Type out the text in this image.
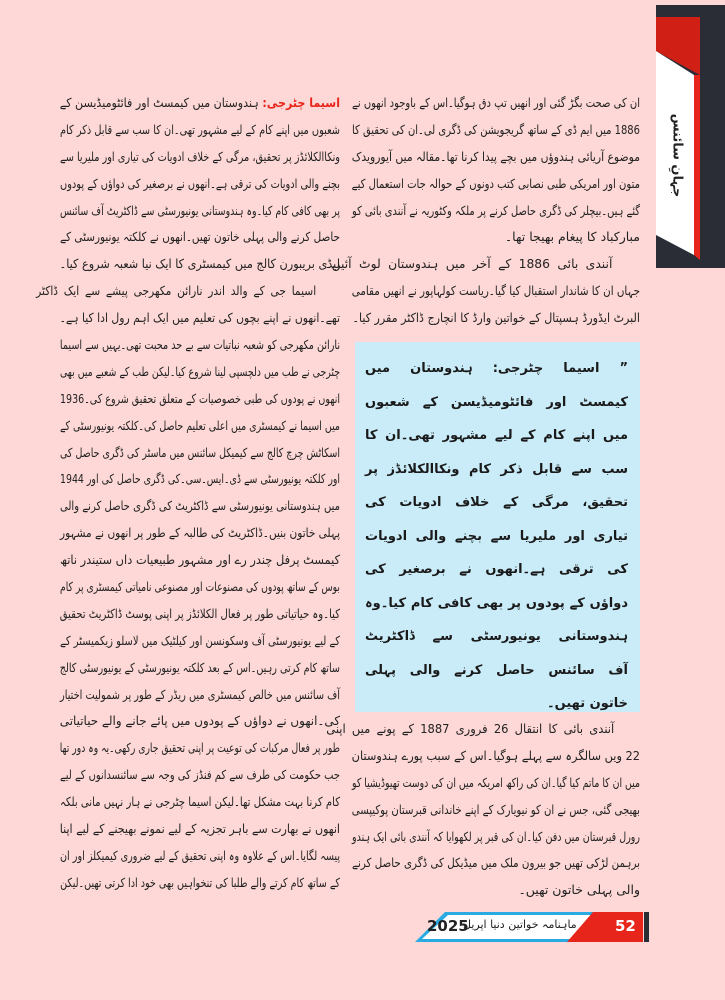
جہانِ سائنس
اسیما چٹرجی: ہندوستان میں کیمسٹ اور فائٹومیڈیسن کے
شعبوں میں اپنے کام کے لیے مشہور تھی۔ان کا سب سے قابل ذکر کام
ونکاالکلائڈز پر تحقیق، مرگی کے خلاف ادویات کی تیاری اور ملیریا سے
بچنے والی ادویات کی ترقی ہے۔انھوں نے برصغیر کی دواؤں کے پودوں
پر بھی کافی کام کیا۔وہ ہندوستانی یونیورسٹی سے ڈاکٹریٹ آف سائنس
حاصل کرنے والی پہلی خاتون تھیں۔انھوں نے کلکتہ یونیورسٹی کے
لیڈی بریبورن کالج میں کیمسٹری کا ایک نیا شعبہ شروع کیا۔
اسیما جی کے والد اندر نارائن مکھرجی پیشے سے ایک ڈاکٹر
تھے۔انھوں نے اپنے بچوں کی تعلیم میں ایک اہم رول ادا کیا ہے۔
نارائن مکھرجی کو شعبہ نباتیات سے بے حد محبت تھی۔یہیں سے اسیما
چٹرجی نے طب میں دلچسپی لینا شروع کیا۔لیکن طب کے شعبے میں بھی
انھوں نے پودوں کی طبی خصوصیات کے متعلق تحقیق شروع کی۔1936
میں اسیما نے کیمسٹری میں اعلی تعلیم حاصل کی۔کلکتہ یونیورسٹی کے
اسکاٹش چرچ کالج سے کیمیکل سائنس میں ماسٹر کی ڈگری حاصل کی
اور کلکتہ یونیورسٹی سے ڈی۔ایس۔سی۔کی ڈگری حاصل کی اور 1944
میں ہندوستانی یونیورسٹی سے ڈاکٹریٹ کی ڈگری حاصل کرنے والی
پہلی خاتون بنیں۔ڈاکٹریٹ کی طالبہ کے طور پر انھوں نے مشہور
کیمسٹ پرفل چندر رے اور مشہور طبیعیات داں ستیندر ناتھ
بوس کے ساتھ پودوں کی مصنوعات اور مصنوعی نامیاتی کیمسٹری پر کام
کیا۔وہ حیاتیاتی طور پر فعال الکلائڈز پر اپنی پوسٹ ڈاکٹریٹ تحقیق
کے لیے یونیورسٹی آف وسکونسن اور کیلٹیک میں لاسلو زیکمیسٹر کے
ساتھ کام کرتی رہیں۔اس کے بعد کلکتہ یونیورسٹی کے یونیورسٹی کالج
آف سائنس میں خالص کیمسٹری میں ریڈر کے طور پر شمولیت اختیار
کی۔انھوں نے دواؤں کے پودوں میں پائے جانے والے حیاتیاتی
طور پر فعال مرکبات کی توعیت پر اپنی تحقیق جاری رکھی۔یہ وہ دور تھا
جب حکومت کی طرف سے کم فنڈز کی وجہ سے سائنسدانوں کے لیے
کام کرنا بہت مشکل تھا۔لیکن اسیما چٹرجی نے ہار نہیں مانی بلکہ
انھوں نے بھارت سے باہر تجزیہ کے لیے نمونے بھیجنے کے لیے اپنا
پیسہ لگایا۔اس کے علاوہ وہ اپنی تحقیق کے لیے ضروری کیمیکلز اور ان
کے ساتھ کام کرتے والے طلبا کی تنخواہیں بھی خود ادا کرتی تھیں۔لیکن
ان کی صحت بگڑ گئی اور انھیں تپ دق ہوگیا۔اس کے باوجود انھوں نے
1886 میں ایم ڈی کے ساتھ گریجویشن کی ڈگری لی۔ان کی تحقیق کا
موضوع آریائی ہندوؤں میں بچے پیدا کرنا تھا۔مقالہ میں آیورویدک
متون اور امریکی طبی نصابی کتب دونوں کے حوالہ جات استعمال کیے
گئے ہیں۔بیچلر کی ڈگری حاصل کرنے پر ملکہ وکٹوریہ نے آنندی بائی کو
مبارکباد کا پیغام بھیجا تھا۔
آنندی بائی 1886 کے آخر میں ہندوستان لوٹ آئیں۔
جہاں ان کا شاندار استقبال کیا گیا۔ریاست کولہاپور نے انھیں مقامی
البرٹ ایڈورڈ ہسپتال کے خواتین وارڈ کا انچارج ڈاکٹر مقرر کیا۔
” اسیما چٹرجی: ہندوستان میں
کیمسٹ اور فائٹومیڈیسن کے شعبوں
میں اپنے کام کے لیے مشہور تھی۔ان کا
سب سے قابل ذکر کام ونکاالکلائڈز پر
تحقیق، مرگی کے خلاف ادویات کی
تیاری اور ملیریا سے بچنے والی ادویات
کی ترقی ہے۔انھوں نے برصغیر کی
دواؤں کے پودوں پر بھی کافی کام کیا۔وہ
ہندوستانی یونیورسٹی سے ڈاکٹریٹ
آف سائنس حاصل کرنے والی پہلی
خاتون تھیں۔
آنندی بائی کا انتقال 26 فروری 1887 کے پونے میں اپنی
22 ویں سالگرہ سے پہلے ہوگیا۔اس کے سبب پورے ہندوستان
میں ان کا ماتم کیا گیا۔ان کی راکھ امریکہ میں ان کی دوست تھیوڈیشیا کو
بھیجی گئی، جس نے ان کو نیویارک کے اپنے خاندانی قبرستان پوکیپسی
رورل قبرستان میں دفن کیا۔ان کی قبر پر لکھوایا کہ آنندی بائی ایک ہندو
برہمن لڑکی تھیں جو بیرون ملک میں میڈیکل کی ڈگری حاصل کرنے
والی پہلی خاتون تھیں۔
2025
ماہنامہ خواتین دنیا اپریل	52
